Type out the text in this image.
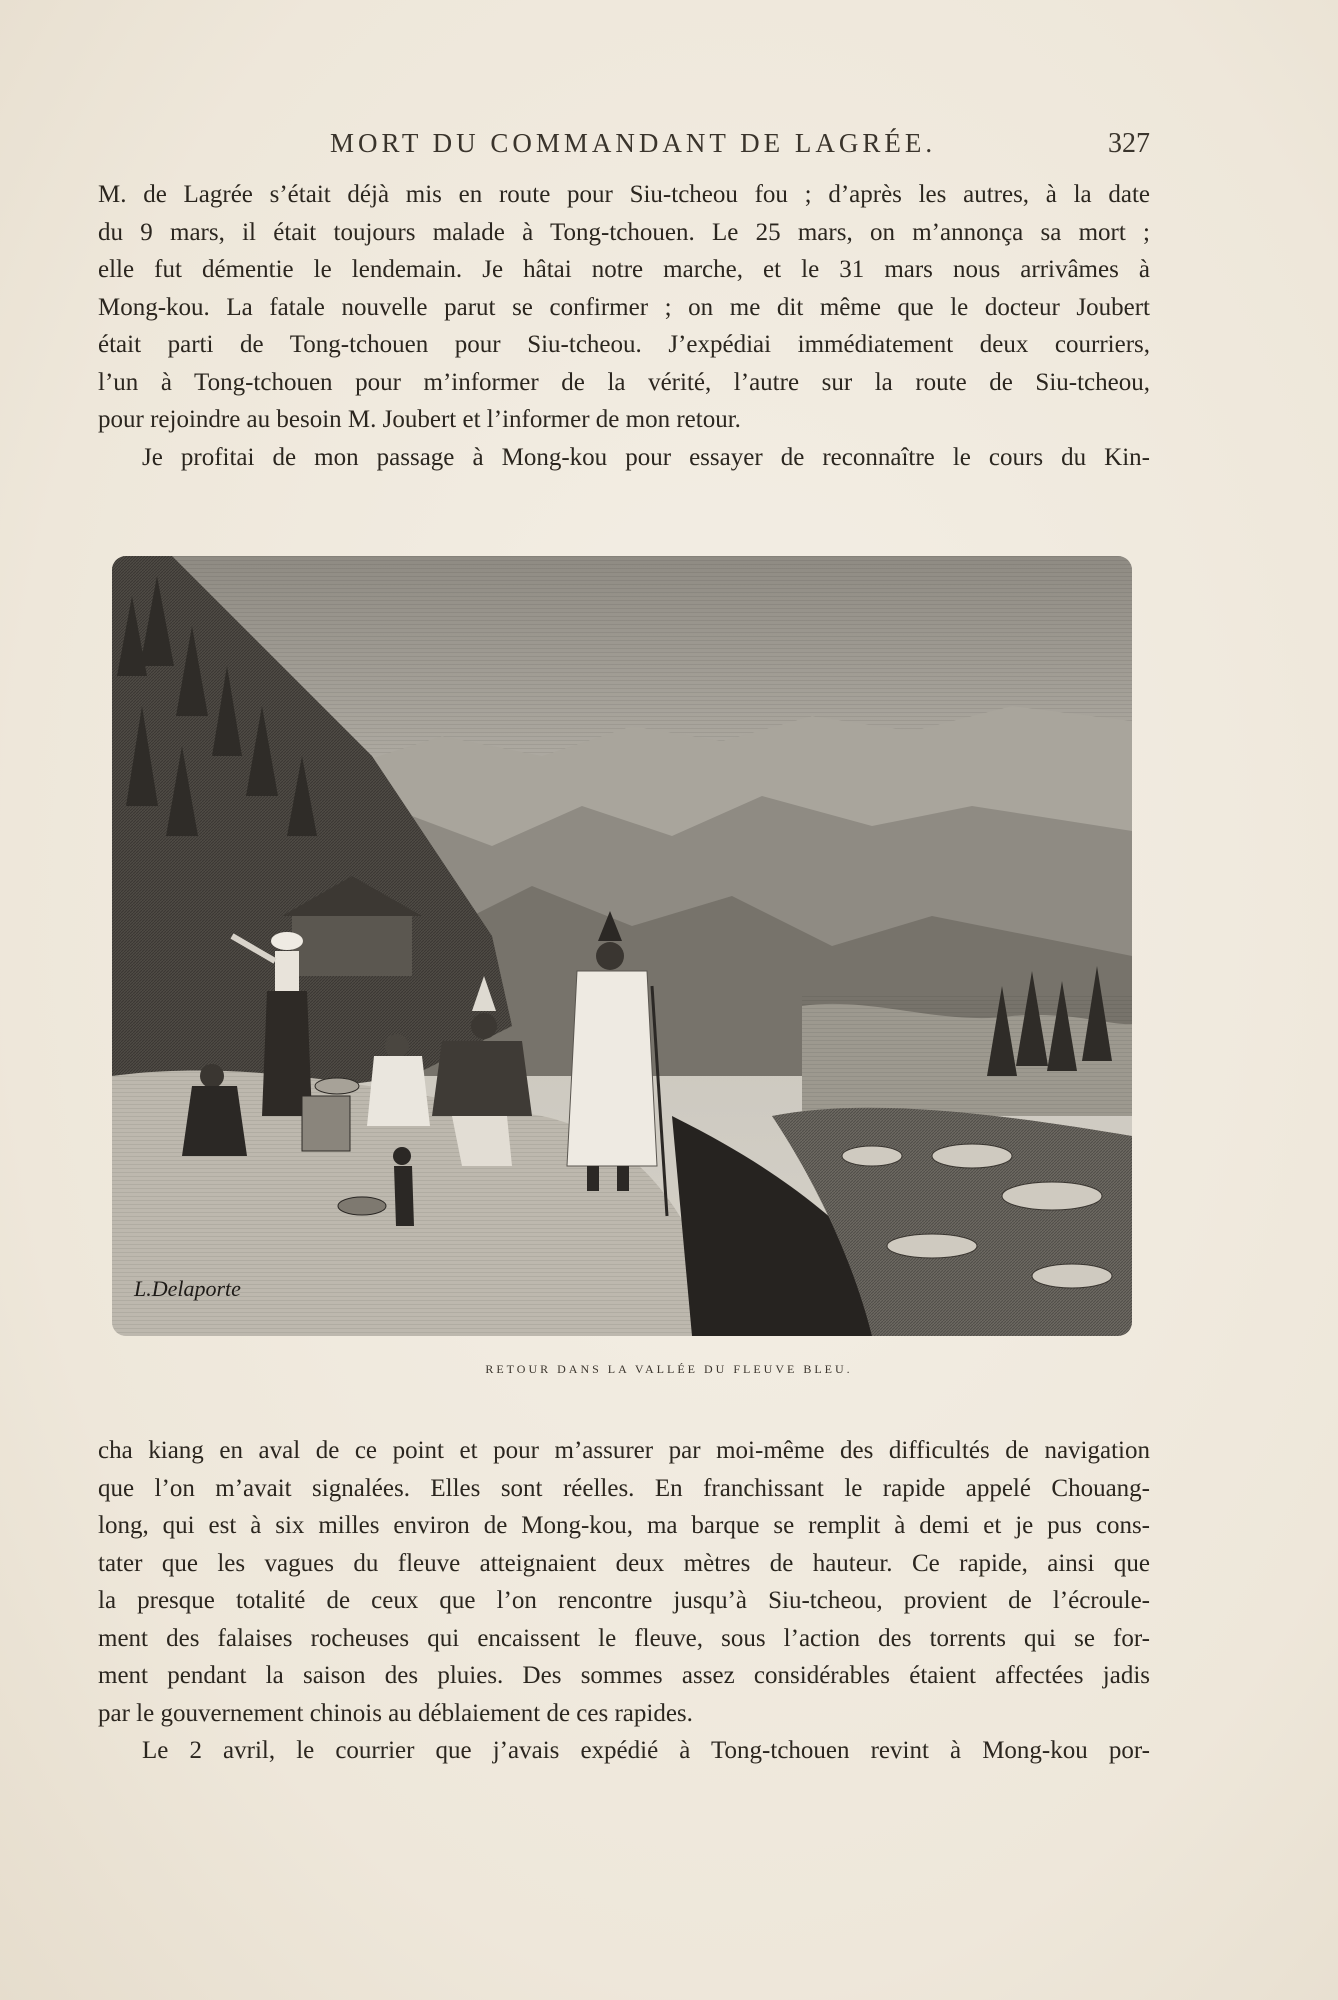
MORT DU COMMANDANT DE LAGRÉE.	327

M. de Lagrée s’était déjà mis en route pour Siu-tcheou fou ; d’après les autres, à la date

du 9 mars, il était toujours malade à Tong-tchouen. Le 25 mars, on m’annonça sa mort ;

elle fut démentie le lendemain. Je hâtai notre marche, et le 31 mars nous arrivâmes à

Mong-kou. La fatale nouvelle parut se confirmer ; on me dit même que le docteur Joubert

était parti de Tong-tchouen pour Siu-tcheou. J’expédiai immédiatement deux courriers,

l’un à Tong-tchouen pour m’informer de la vérité, l’autre sur la route de Siu-tcheou,

pour rejoindre au besoin M. Joubert et l’informer de mon retour.

Je profitai de mon passage à Mong-kou pour essayer de reconnaître le cours du Kin-

L.Delaporte
RETOUR DANS LA VALLÉE DU FLEUVE BLEU.

cha kiang en aval de ce point et pour m’assurer par moi-même des difficultés de navigation

que l’on m’avait signalées. Elles sont réelles. En franchissant le rapide appelé Chouang-

long, qui est à six milles environ de Mong-kou, ma barque se remplit à demi et je pus cons-

tater que les vagues du fleuve atteignaient deux mètres de hauteur. Ce rapide, ainsi que

la presque totalité de ceux que l’on rencontre jusqu’à Siu-tcheou, provient de l’écroule-

ment des falaises rocheuses qui encaissent le fleuve, sous l’action des torrents qui se for-

ment pendant la saison des pluies. Des sommes assez considérables étaient affectées jadis

par le gouvernement chinois au déblaiement de ces rapides.

Le 2 avril, le courrier que j’avais expédié à Tong-tchouen revint à Mong-kou por-
